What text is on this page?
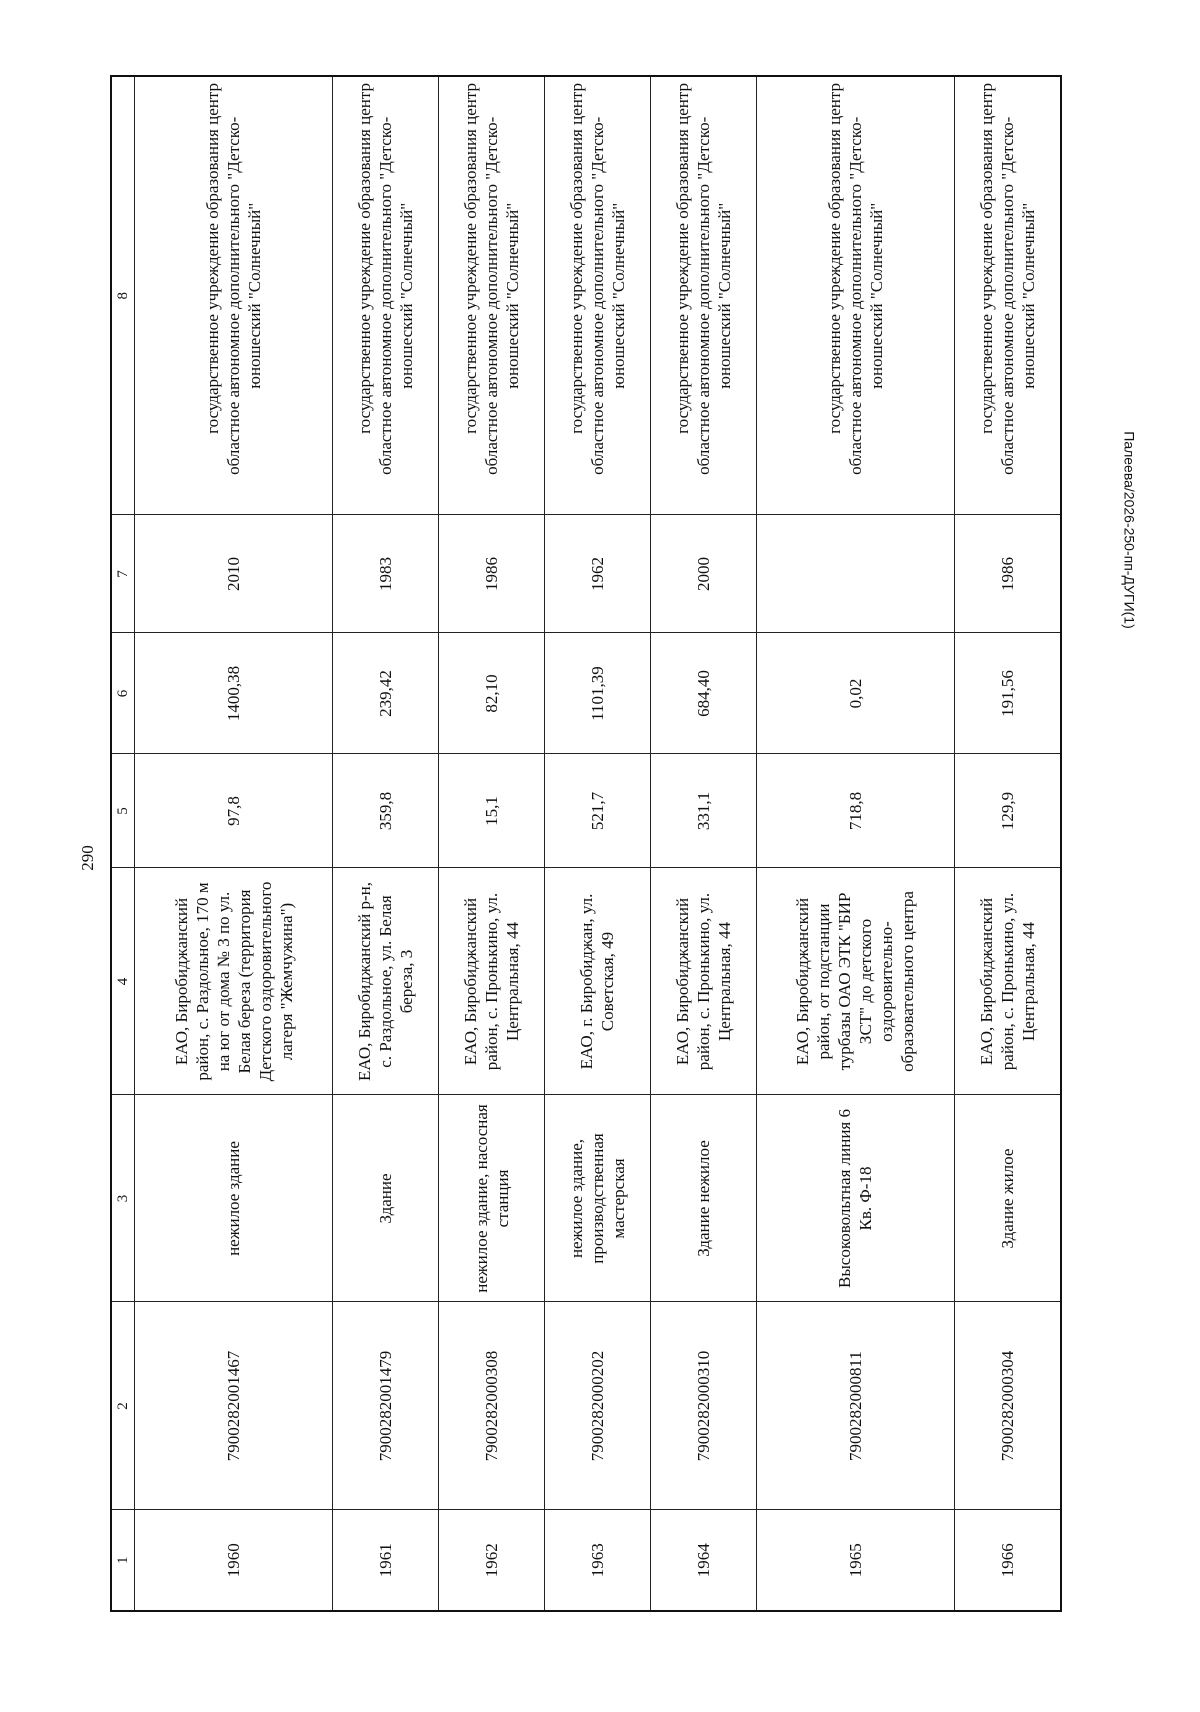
290
Палеева/2026-250-пп-ДУГИ(1)
1	2	3	4	5	6	7	8
1960	7900282001467	нежилое здание	ЕАО, Биробиджанский район, с. Раздольное, 170 м на юг от дома № 3 по ул. Белая береза (территория Детского оздоровительного лагеря "Жемчужина")	97,8	1400,38	2010	государственное учреждение образования центр областное автономное дополнительного "Детско-юношеский "Солнечный"

1961	7900282001479	Здание	ЕАО, Биробиджанский р-н, с. Раздольное, ул. Белая береза, 3	359,8	239,42	1983	государственное учреждение образования центр областное автономное дополнительного "Детско-юношеский "Солнечный"

1962	7900282000308	нежилое здание, насосная станция	ЕАО, Биробиджанский район, с. Пронькино, ул. Центральная, 44	15,1	82,10	1986	государственное учреждение образования центр областное автономное дополнительного "Детско-юношеский "Солнечный"

1963	7900282000202	нежилое здание, производственная мастерская	ЕАО, г. Биробиджан, ул. Советская, 49	521,7	1101,39	1962	государственное учреждение образования центр областное автономное дополнительного "Детско-юношеский "Солнечный"

1964	7900282000310	Здание нежилое	ЕАО, Биробиджанский район, с. Пронькино, ул. Центральная, 44	331,1	684,40	2000	государственное учреждение образования центр областное автономное дополнительного "Детско-юношеский "Солнечный"

1965	7900282000811	Высоковольтная линия 6 Кв. Ф-18	ЕАО, Биробиджанский район, от подстанции турбазы ОАО ЭТК "БИР ЗСТ" до детского оздоровительно-образовательного центра	718,8	0,02		государственное учреждение образования центр областное автономное дополнительного "Детско-юношеский "Солнечный"

1966	7900282000304	Здание жилое	ЕАО, Биробиджанский район, с. Пронькино, ул. Центральная, 44	129,9	191,56	1986	государственное учреждение образования центр областное автономное дополнительного "Детско-юношеский "Солнечный"
